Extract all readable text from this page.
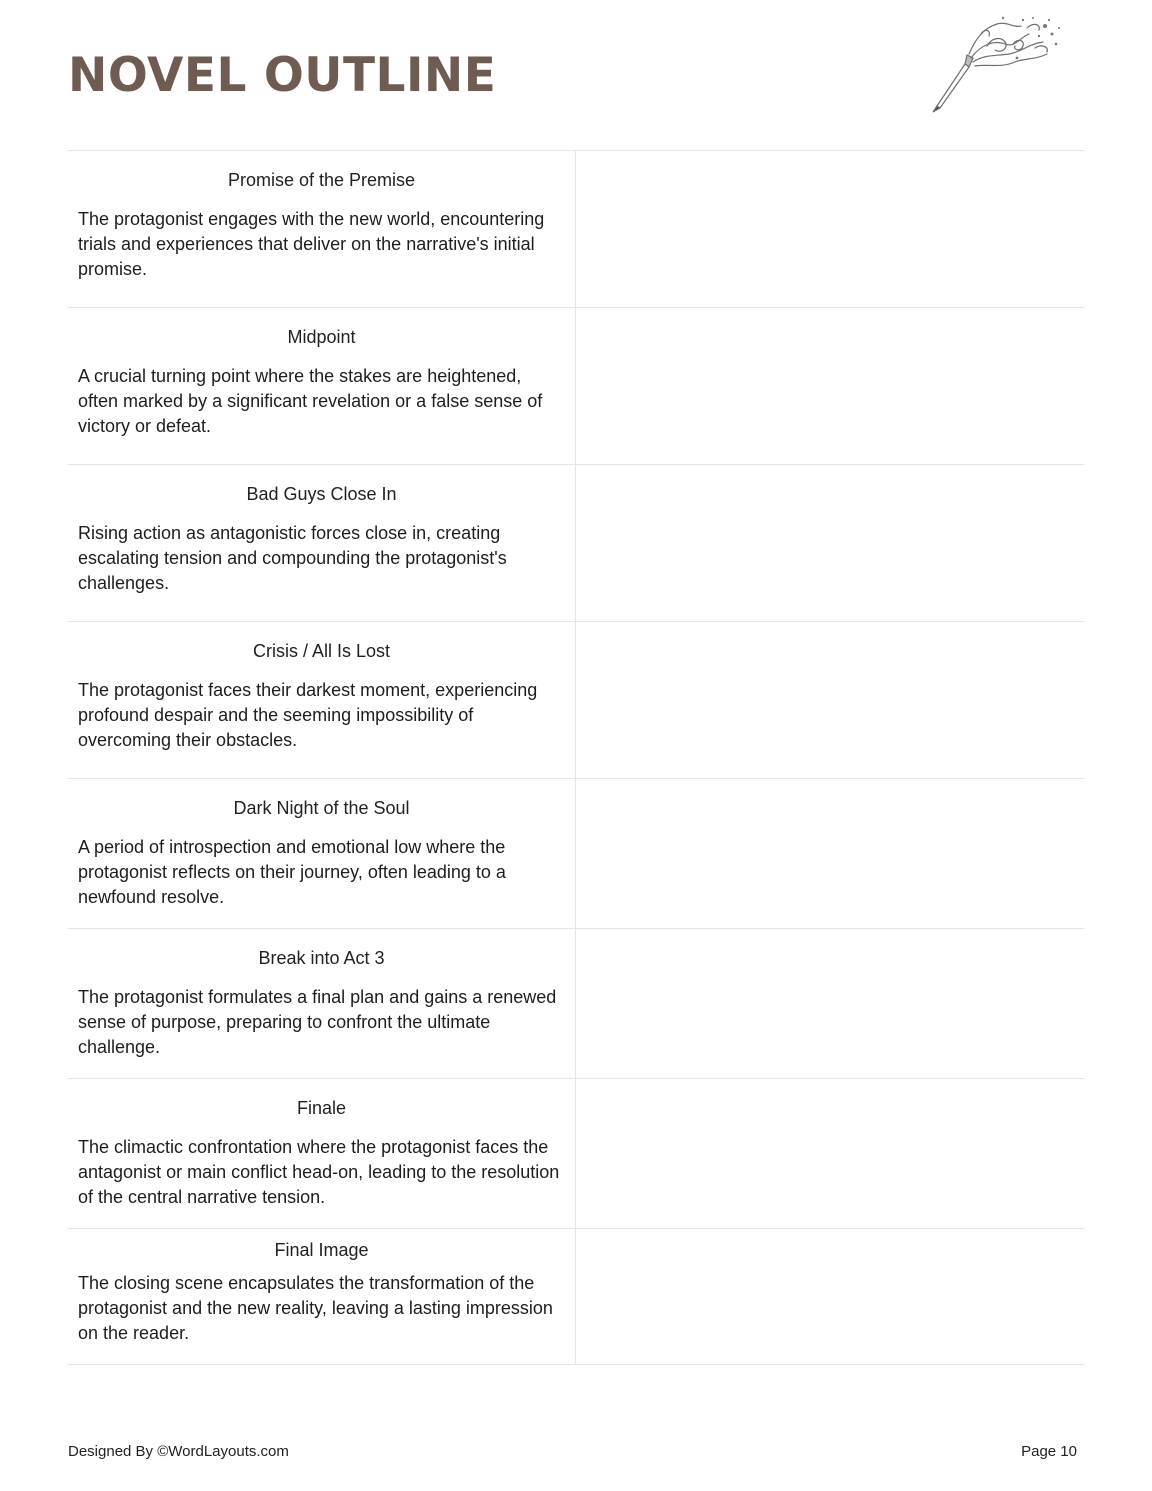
NOVEL OUTLINE

Promise of the Premise

The protagonist engages with the new world, encountering trials and experiences that deliver on the narrative's initial promise.

Midpoint

A crucial turning point where the stakes are heightened, often marked by a significant revelation or a false sense of victory or defeat.

Bad Guys Close In

Rising action as antagonistic forces close in, creating escalating tension and compounding the protagonist's challenges.

Crisis / All Is Lost

The protagonist faces their darkest moment, experiencing profound despair and the seeming impossibility of overcoming their obstacles.

Dark Night of the Soul

A period of introspection and emotional low where the protagonist reflects on their journey, often leading to a newfound resolve.

Break into Act 3

The protagonist formulates a final plan and gains a renewed sense of purpose, preparing to confront the ultimate challenge.

Finale

The climactic confrontation where the protagonist faces the antagonist or main conflict head-on, leading to the resolution of the central narrative tension.

Final Image

The closing scene encapsulates the transformation of the protagonist and the new reality, leaving a lasting impression on the reader.

Designed By ©WordLayouts.com	Page 10
